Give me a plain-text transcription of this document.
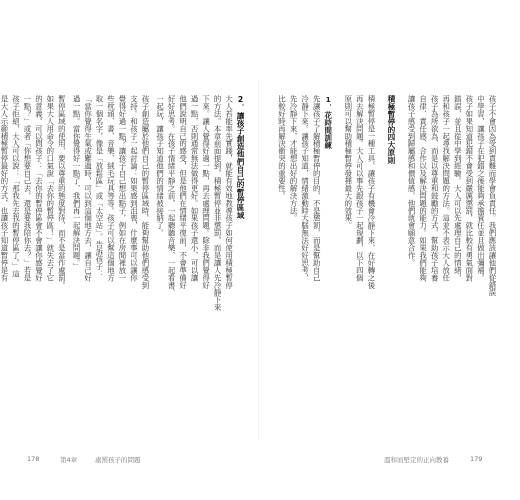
2．讓孩子創造他們自己的暫停區域
大人若能率先實踐，就能有效地教導孩子如何使用積極暫停
的方法。本章前面提到，積極暫停並非懲罰，而是讓人先冷靜下來
下來。讓人覺得好過一點，再去處理問題。除非我們覺得好
過一點，否則通常無法做得更好。如果孩子還小，可以讓
他們說明自己的感受，但是他們在情緒平復前，不會準備好
好好思考。在孩子情緒平靜之前，一起聽聽音樂、一起看書、
一起玩，讓孩子知道他們的情緒被接納了。
孩子創造屬於他們自己的暫停區域時，能夠幫助他們感受到
支持。和孩子一起討論：如果感到沮喪，什麼事可以讓你
覺得好過一點？讓孩子自己想出點子，例如在房間裡放一
些枕頭、書、音樂、絨毛玩具等等。孩子可以幫這個地方
取一個名字，像是「放鬆區」或「太空站」。告訴孩子：
「當你覺得生氣或難過時，可以到這個地方去，讓自己好
過一點。當你覺得好一點了，我們再一起解決問題。」
暫停區域的使用，要以尊重的態度對待，而不是當作處罰。
如果大人用命令的口氣說「去你的暫停區！」就失去了它
的意義。可以問孩子：「去你的暫停區會不會讓你感覺好
一點？」或者「你想要自己去，還是要我陪你去？」若是
孩子拒絕，大人可以說：「那我先去我的暫停區了。」這
是大人示範積極暫停最好的方式，也讓孩子知道暫停是有	孩子不會因為受到責難而學會負責任。我們應該讓他們從錯誤
中學習，讓孩子在犯錯之後能夠承擔責任並且做出彌補。
孩子如果知道犯錯不會受到嚴厲懲罰，就比較有勇氣面對
錯誤，並且從中學到經驗。大人可以先處理自己的情緒，
再和孩子一起尋找解決問題的方法。這並不表示大人放任
孩子為所欲為，而是以尊重和鼓勵的方式，幫助孩子培養
自律、責任感、合作以及解決問題的能力。如果我們能夠
讓孩子感受到歸屬感和價值感，他們就會願意合作。
積極暫停的四大原則
積極暫停是一種工具，讓孩子有機會冷靜下來，在好轉之後
再去解決問題。大人可以事先跟孩子一起規劃，以下四個
原則可以幫助積極暫停發揮最大的效果。
1．花時間訓練
先讓孩子了解積極暫停的目的，不是懲罰，而是幫助自己
冷靜下來。讓孩子知道，情緒激動時大腦無法好好思考，
先冷靜下來，才能想出好的解決方法。
比較好時再解決衝突的重要性。
178	第4章	處罰孩子的問題	溫和而堅定的正向教養	179
